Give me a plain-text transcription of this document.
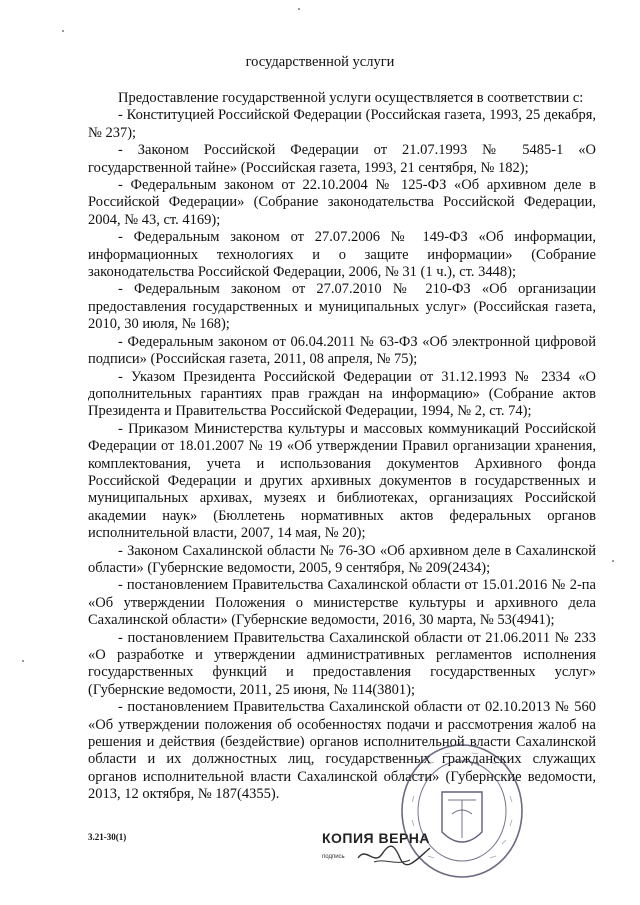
государственной услуги

Предоставление государственной услуги осуществляется в соответствии с:

- Конституцией Российской Федерации (Российская газета, 1993, 25 декабря, № 237);

- Законом Российской Федерации от 21.07.1993 № 5485-1 «О государственной тайне» (Российская газета, 1993, 21 сентября, № 182);

- Федеральным законом от 22.10.2004 № 125-ФЗ «Об архивном деле в Российской Федерации» (Собрание законодательства Российской Федерации, 2004, № 43, ст. 4169);

- Федеральным законом от 27.07.2006 № 149-ФЗ «Об информации, информационных технологиях и о защите информации» (Собрание законодательства Российской Федерации, 2006, № 31 (1 ч.), ст. 3448);

- Федеральным законом от 27.07.2010 № 210-ФЗ «Об организации предоставления государственных и муниципальных услуг» (Российская газета, 2010, 30 июля, № 168);

- Федеральным законом от 06.04.2011 № 63-ФЗ «Об электронной цифровой подписи» (Российская газета, 2011, 08 апреля, № 75);

- Указом Президента Российской Федерации от 31.12.1993 № 2334 «О дополнительных гарантиях прав граждан на информацию» (Собрание актов Президента и Правительства Российской Федерации, 1994, № 2, ст. 74);

- Приказом Министерства культуры и массовых коммуникаций Российской Федерации от 18.01.2007 № 19 «Об утверждении Правил организации хранения, комплектования, учета и использования документов Архивного фонда Российской Федерации и других архивных документов в государственных и муниципальных архивах, музеях и библиотеках, организациях Российской академии наук» (Бюллетень нормативных актов федеральных органов исполнительной власти, 2007, 14 мая, № 20);

- Законом Сахалинской области № 76-ЗО «Об архивном деле в Сахалинской области» (Губернские ведомости, 2005, 9 сентября, № 209(2434);

- постановлением Правительства Сахалинской области от 15.01.2016 № 2-па «Об утверждении Положения о министерстве культуры и архивного дела Сахалинской области» (Губернские ведомости, 2016, 30 марта, № 53(4941);

- постановлением Правительства Сахалинской области от 21.06.2011 № 233 «О разработке и утверждении административных регламентов исполнения государственных функций и предоставления государственных услуг» (Губернские ведомости, 2011, 25 июня, № 114(3801);

- постановлением Правительства Сахалинской области от 02.10.2013 № 560 «Об утверждении положения об особенностях подачи и рассмотрения жалоб на решения и действия (бездействие) органов исполнительной власти Сахалинской области и их должностных лиц, государственных гражданских служащих органов исполнительной власти Сахалинской области» (Губернские ведомости, 2013, 12 октября, № 187(4355).

3.21-30(1)	КОПИЯ ВЕРНА
подпись
